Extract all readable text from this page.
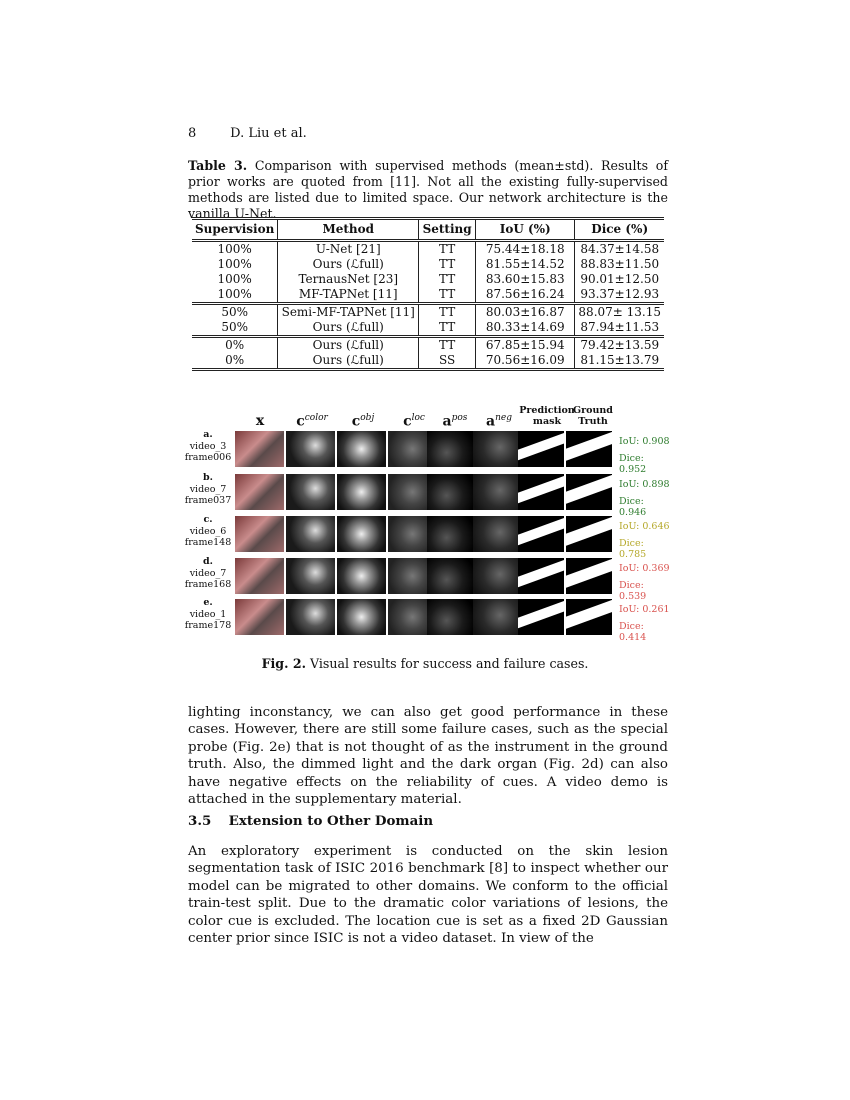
8	D. Liu et al.
Table 3. Comparison with supervised methods (mean±std). Results of prior works are quoted from [11]. Not all the existing fully-supervised methods are listed due to limited space. Our network architecture is the vanilla U-Net.
Supervision	Method	Setting	IoU (%)	Dice (%)
100%	U-Net [21]	TT	75.44±18.18	84.37±14.58
100%	Ours (ℒfull)	TT	81.55±14.52	88.83±11.50
100%	TernausNet [23]	TT	83.60±15.83	90.01±12.50
100%	MF-TAPNet [11]	TT	87.56±16.24	93.37±12.93
50%	Semi-MF-TAPNet [11]	TT	80.03±16.87	88.07± 13.15
50%	Ours (ℒfull)	TT	80.33±14.69	87.94±11.53
0%	Ours (ℒfull)	TT	67.85±15.94	79.42±13.59
0%	Ours (ℒfull)	SS	70.56±16.09	81.15±13.79
x	$c^{color}$	$c^{obj}$	$c^{loc}$	$a^{pos}$	$a^{neg}$
Prediction
mask
Ground
Truth
a.
video_3
frame006
IoU: 0.908
Dice: 0.952
b.
video_7
frame037
IoU: 0.898
Dice: 0.946
c.
video_6
frame148
IoU: 0.646
Dice: 0.785
d.
video_7
frame168
IoU: 0.369
Dice: 0.539
e.
video_1
frame178
IoU: 0.261
Dice: 0.414
Fig. 2. Visual results for success and failure cases.
lighting inconstancy, we can also get good performance in these cases. However, there are still some failure cases, such as the special probe (Fig. 2e) that is not thought of as the instrument in the ground truth. Also, the dimmed light and the dark organ (Fig. 2d) can also have negative effects on the reliability of cues. A video demo is attached in the supplementary material.
3.5 Extension to Other Domain
An exploratory experiment is conducted on the skin lesion segmentation task of ISIC 2016 benchmark [8] to inspect whether our model can be migrated to other domains. We conform to the official train-test split. Due to the dramatic color variations of lesions, the color cue is excluded. The location cue is set as a fixed 2D Gaussian center prior since ISIC is not a video dataset. In view of the
